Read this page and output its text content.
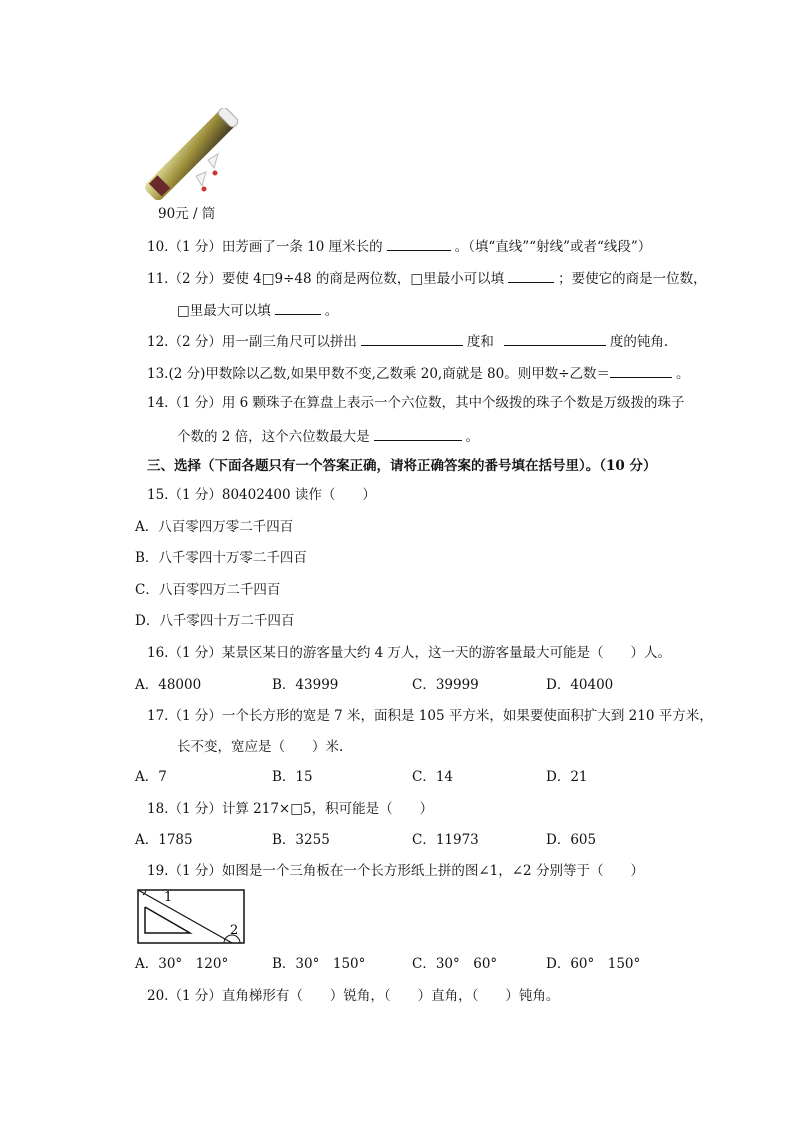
90元 / 筒
10.（1 分）田芳画了一条 10 厘米长的	。（填“直线”“射线”或者“线段”）
11.（2 分）要使 4□9÷48 的商是两位数，□里最小可以填	；要使它的商是一位数，
□里最大可以填	。
12.（2 分）用一副三角尺可以拼出	度和	度的钝角.
13.(2 分)甲数除以乙数,如果甲数不变,乙数乘 20,商就是 80。则甲数÷乙数＝	。
14.（1 分）用 6 颗珠子在算盘上表示一个六位数，其中个级拨的珠子个数是万级拨的珠子
个数的 2 倍，这个六位数最大是	。
三、选择（下面各题只有一个答案正确，请将正确答案的番号填在括号里）。（10 分）
15.（1 分）80402400 读作（　　）
A．八百零四万零二千四百
B．八千零四十万零二千四百
C．八百零四万二千四百
D．八千零四十万二千四百
16.（1 分）某景区某日的游客量大约 4 万人，这一天的游客量最大可能是（　　）人。
A．48000	B．43999	C．39999	D．40400
17.（1 分）一个长方形的宽是 7 米，面积是 105 平方米，如果要使面积扩大到 210 平方米，
长不变，宽应是（　　）米.
A．7	B．15	C．14	D．21
18.（1 分）计算 217×□5，积可能是（　　）
A．1785	B．3255	C．11973	D．605
19.（1 分）如图是一个三角板在一个长方形纸上拼的图∠1，∠2 分别等于（　　）
1
2
A．30°　120°	B．30°　150°	C．30°　60°	D．60°　150°
20.（1 分）直角梯形有（　　）锐角，（　　）直角，（　　）钝角。
